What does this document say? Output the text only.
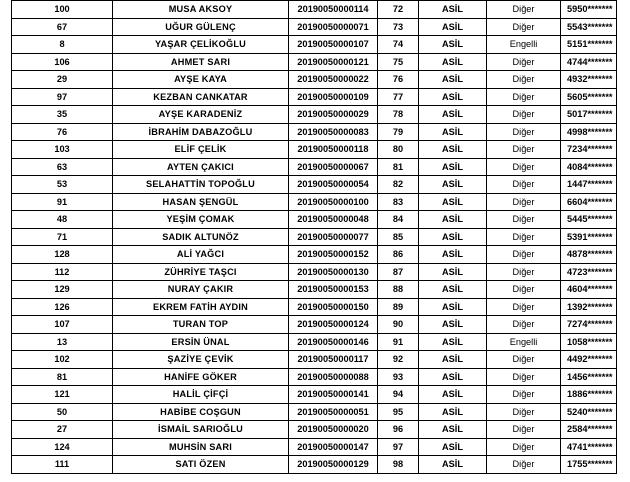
100	MUSA AKSOY	20190050000114	72	ASİL	Diğer	5950*******
67	UĞUR GÜLENÇ	20190050000071	73	ASİL	Diğer	5543*******
8	YAŞAR ÇELİKOĞLU	20190050000107	74	ASİL	Engelli	5151*******
106	AHMET SARI	20190050000121	75	ASİL	Diğer	4744*******
29	AYŞE KAYA	20190050000022	76	ASİL	Diğer	4932*******
97	KEZBAN CANKATAR	20190050000109	77	ASİL	Diğer	5605*******
35	AYŞE KARADENİZ	20190050000029	78	ASİL	Diğer	5017*******
76	İBRAHİM DABAZOĞLU	20190050000083	79	ASİL	Diğer	4998*******
103	ELİF ÇELİK	20190050000118	80	ASİL	Diğer	7234*******
63	AYTEN ÇAKICI	20190050000067	81	ASİL	Diğer	4084*******
53	SELAHATTİN TOPOĞLU	20190050000054	82	ASİL	Diğer	1447*******
91	HASAN ŞENGÜL	20190050000100	83	ASİL	Diğer	6604*******
48	YEŞİM ÇOMAK	20190050000048	84	ASİL	Diğer	5445*******
71	SADIK ALTUNÖZ	20190050000077	85	ASİL	Diğer	5391*******
128	ALİ YAĞCI	20190050000152	86	ASİL	Diğer	4878*******
112	ZÜHRİYE TAŞCI	20190050000130	87	ASİL	Diğer	4723*******
129	NURAY ÇAKIR	20190050000153	88	ASİL	Diğer	4604*******
126	EKREM FATİH AYDIN	20190050000150	89	ASİL	Diğer	1392*******
107	TURAN TOP	20190050000124	90	ASİL	Diğer	7274*******
13	ERSİN ÜNAL	20190050000146	91	ASİL	Engelli	1058*******
102	ŞAZİYE ÇEVİK	20190050000117	92	ASİL	Diğer	4492*******
81	HANİFE GÖKER	20190050000088	93	ASİL	Diğer	1456*******
121	HALİL ÇİFÇİ	20190050000141	94	ASİL	Diğer	1886*******
50	HABİBE COŞGUN	20190050000051	95	ASİL	Diğer	5240*******
27	İSMAİL SARIOĞLU	20190050000020	96	ASİL	Diğer	2584*******
124	MUHSİN SARI	20190050000147	97	ASİL	Diğer	4741*******
111	SATI ÖZEN	20190050000129	98	ASİL	Diğer	1755*******
